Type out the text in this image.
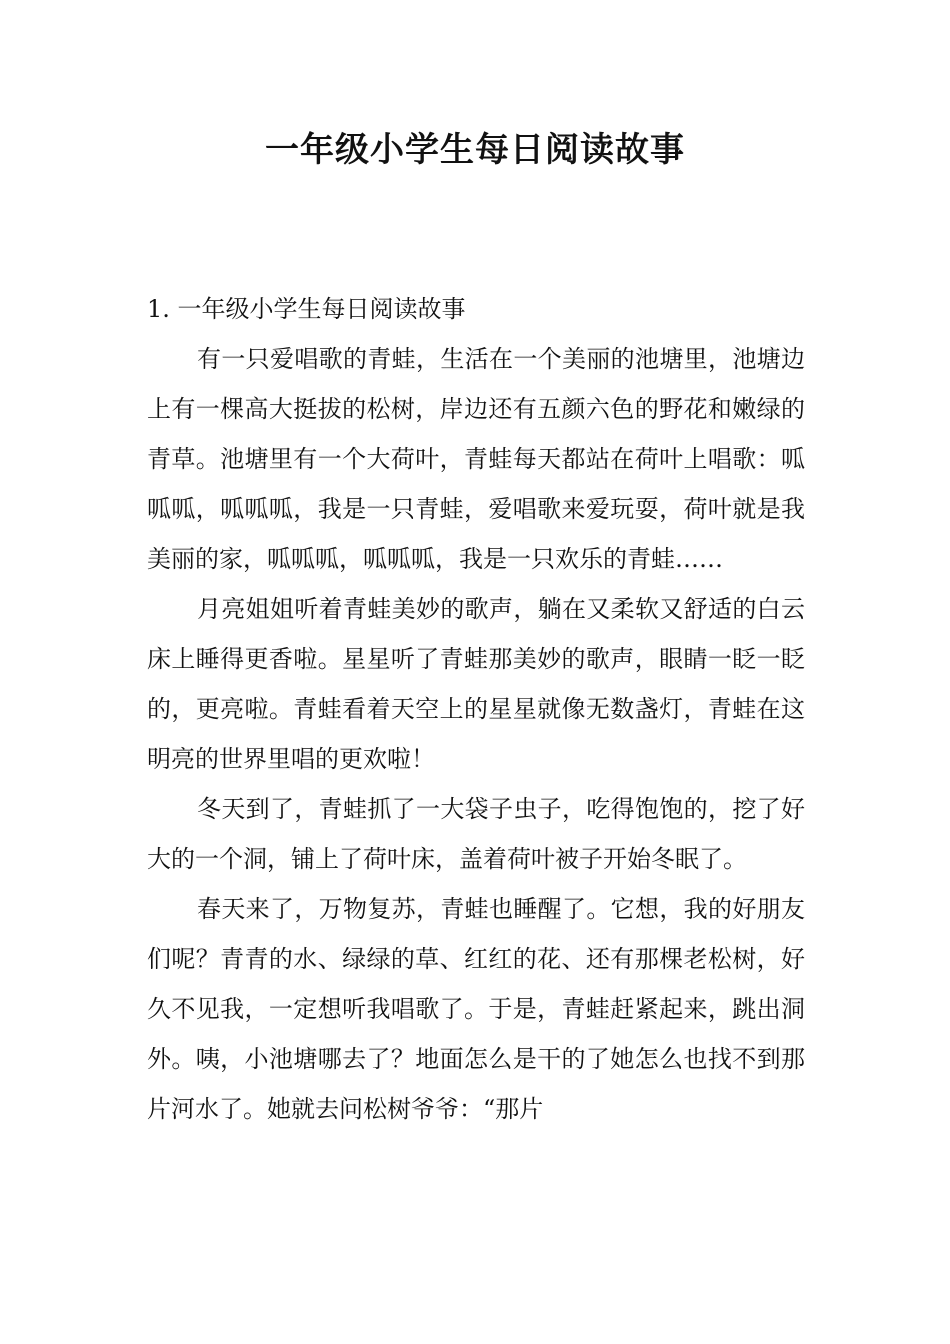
一年级小学生每日阅读故事

1. 一年级小学生每日阅读故事

有一只爱唱歌的青蛙，生活在一个美丽的池塘里，池塘边上有一棵高大挺拔的松树，岸边还有五颜六色的野花和嫩绿的青草。池塘里有一个大荷叶，青蛙每天都站在荷叶上唱歌：呱呱呱，呱呱呱，我是一只青蛙，爱唱歌来爱玩耍，荷叶就是我美丽的家，呱呱呱，呱呱呱，我是一只欢乐的青蛙……

月亮姐姐听着青蛙美妙的歌声，躺在又柔软又舒适的白云床上睡得更香啦。星星听了青蛙那美妙的歌声，眼睛一眨一眨的，更亮啦。青蛙看着天空上的星星就像无数盏灯，青蛙在这明亮的世界里唱的更欢啦！

冬天到了，青蛙抓了一大袋子虫子，吃得饱饱的，挖了好大的一个洞，铺上了荷叶床，盖着荷叶被子开始冬眠了。

春天来了，万物复苏，青蛙也睡醒了。它想，我的好朋友们呢？青青的水、绿绿的草、红红的花、还有那棵老松树，好久不见我，一定想听我唱歌了。于是，青蛙赶紧起来，跳出洞外。咦，小池塘哪去了？地面怎么是干的了她怎么也找不到那片河水了。她就去问松树爷爷：“那片
